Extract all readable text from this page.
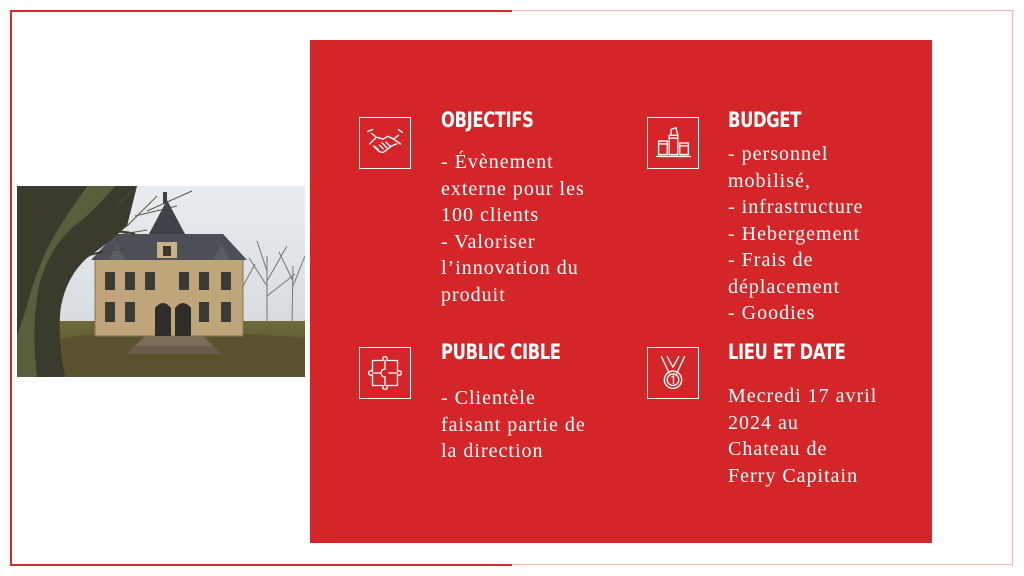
OBJECTIFS
- Évènement
externe pour les
100 clients
- Valoriser
l’innovation du
produit
BUDGET
- personnel
mobilisé,
- infrastructure
- Hebergement
- Frais de
déplacement
- Goodies
PUBLIC CIBLE
- Clientèle
faisant partie de
la direction
LIEU ET DATE
Mecredi 17 avril
2024 au
Chateau de
Ferry Capitain
